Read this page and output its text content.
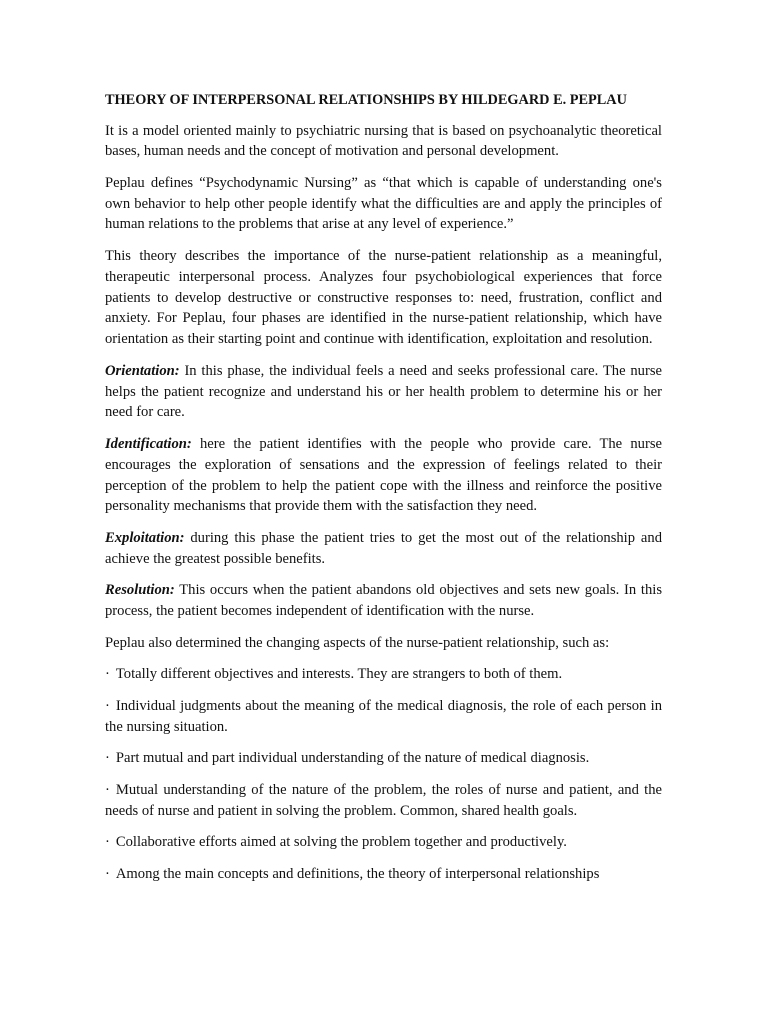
THEORY OF INTERPERSONAL RELATIONSHIPS BY HILDEGARD E. PEPLAU

It is a model oriented mainly to psychiatric nursing that is based on psychoanalytic theoretical bases, human needs and the concept of motivation and personal development.

Peplau defines “Psychodynamic Nursing” as “that which is capable of understanding one's own behavior to help other people identify what the difficulties are and apply the principles of human relations to the problems that arise at any level of experience.”

This theory describes the importance of the nurse-patient relationship as a meaningful, therapeutic interpersonal process. Analyzes four psychobiological experiences that force patients to develop destructive or constructive responses to: need, frustration, conflict and anxiety. For Peplau, four phases are identified in the nurse-patient relationship, which have orientation as their starting point and continue with identification, exploitation and resolution.

Orientation: In this phase, the individual feels a need and seeks professional care. The nurse helps the patient recognize and understand his or her health problem to determine his or her need for care.

Identification: here the patient identifies with the people who provide care. The nurse encourages the exploration of sensations and the expression of feelings related to their perception of the problem to help the patient cope with the illness and reinforce the positive personality mechanisms that provide them with the satisfaction they need.

Exploitation: during this phase the patient tries to get the most out of the relationship and achieve the greatest possible benefits.

Resolution: This occurs when the patient abandons old objectives and sets new goals. In this process, the patient becomes independent of identification with the nurse.

Peplau also determined the changing aspects of the nurse-patient relationship, such as:

· Totally different objectives and interests. They are strangers to both of them.

· Individual judgments about the meaning of the medical diagnosis, the role of each person in the nursing situation.

· Part mutual and part individual understanding of the nature of medical diagnosis.

· Mutual understanding of the nature of the problem, the roles of nurse and patient, and the needs of nurse and patient in solving the problem. Common, shared health goals.

· Collaborative efforts aimed at solving the problem together and productively.

· Among the main concepts and definitions, the theory of interpersonal relationships
